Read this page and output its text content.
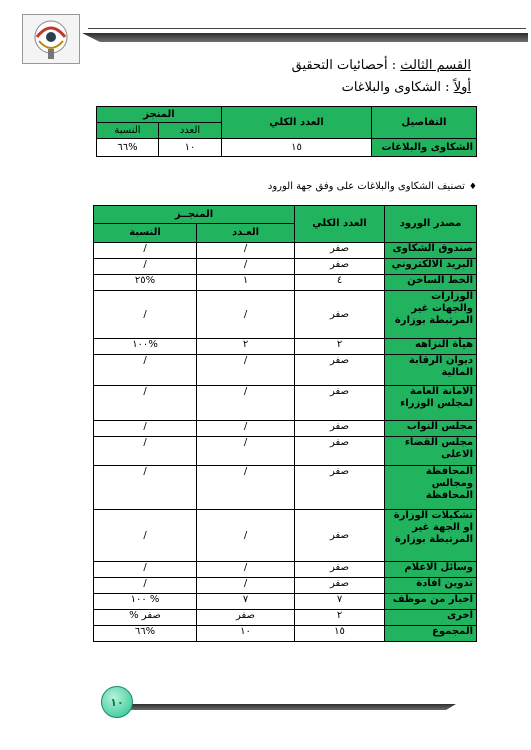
القسم الثالث : أحصائيات التحقيق
أولاً : الشكاوى والبلاغات
التفاصيل	العدد الكلي	المنجز	
		العدد	النسبة
الشكاوى والبلاغات	١٥	١٠	%٦٦
♦تصنيف الشكاوى والبلاغات على وفق جهة الورود
مصدر الورود	العدد الكلي	المنجــز	
		العـدد	النسبة
صندوق الشكاوى	صفر	/	/
البريد الالكتروني	صفر	/	/
الخط الساخن	٤	١	%٢٥
الوزارات والجهات غير المرتبطة بوزارة	صفر	/	/
هيأة النزاهه	٢	٢	%١٠٠
ديوان الرقابة المالية	صفر	/	/
الامانة العامة لمجلس الوزراء	صفر	/	/
مجلس النواب	صفر	/	/
مجلس القضاء الاعلى	صفر	/	/
المحافظة ومجالس المحافظة	صفر	/	/
تشكيلات الوزارة او الجهة غير المرتبطة بوزارة	صفر	/	/
وسائل الاعلام	صفر	/	/
تدوين افادة	صفر	/	/
اخبار من موظف	٧	٧	% ١٠٠
اخرى	٢	صفر	صفر %
المجموع	١٥	١٠	%٦٦
١٠
